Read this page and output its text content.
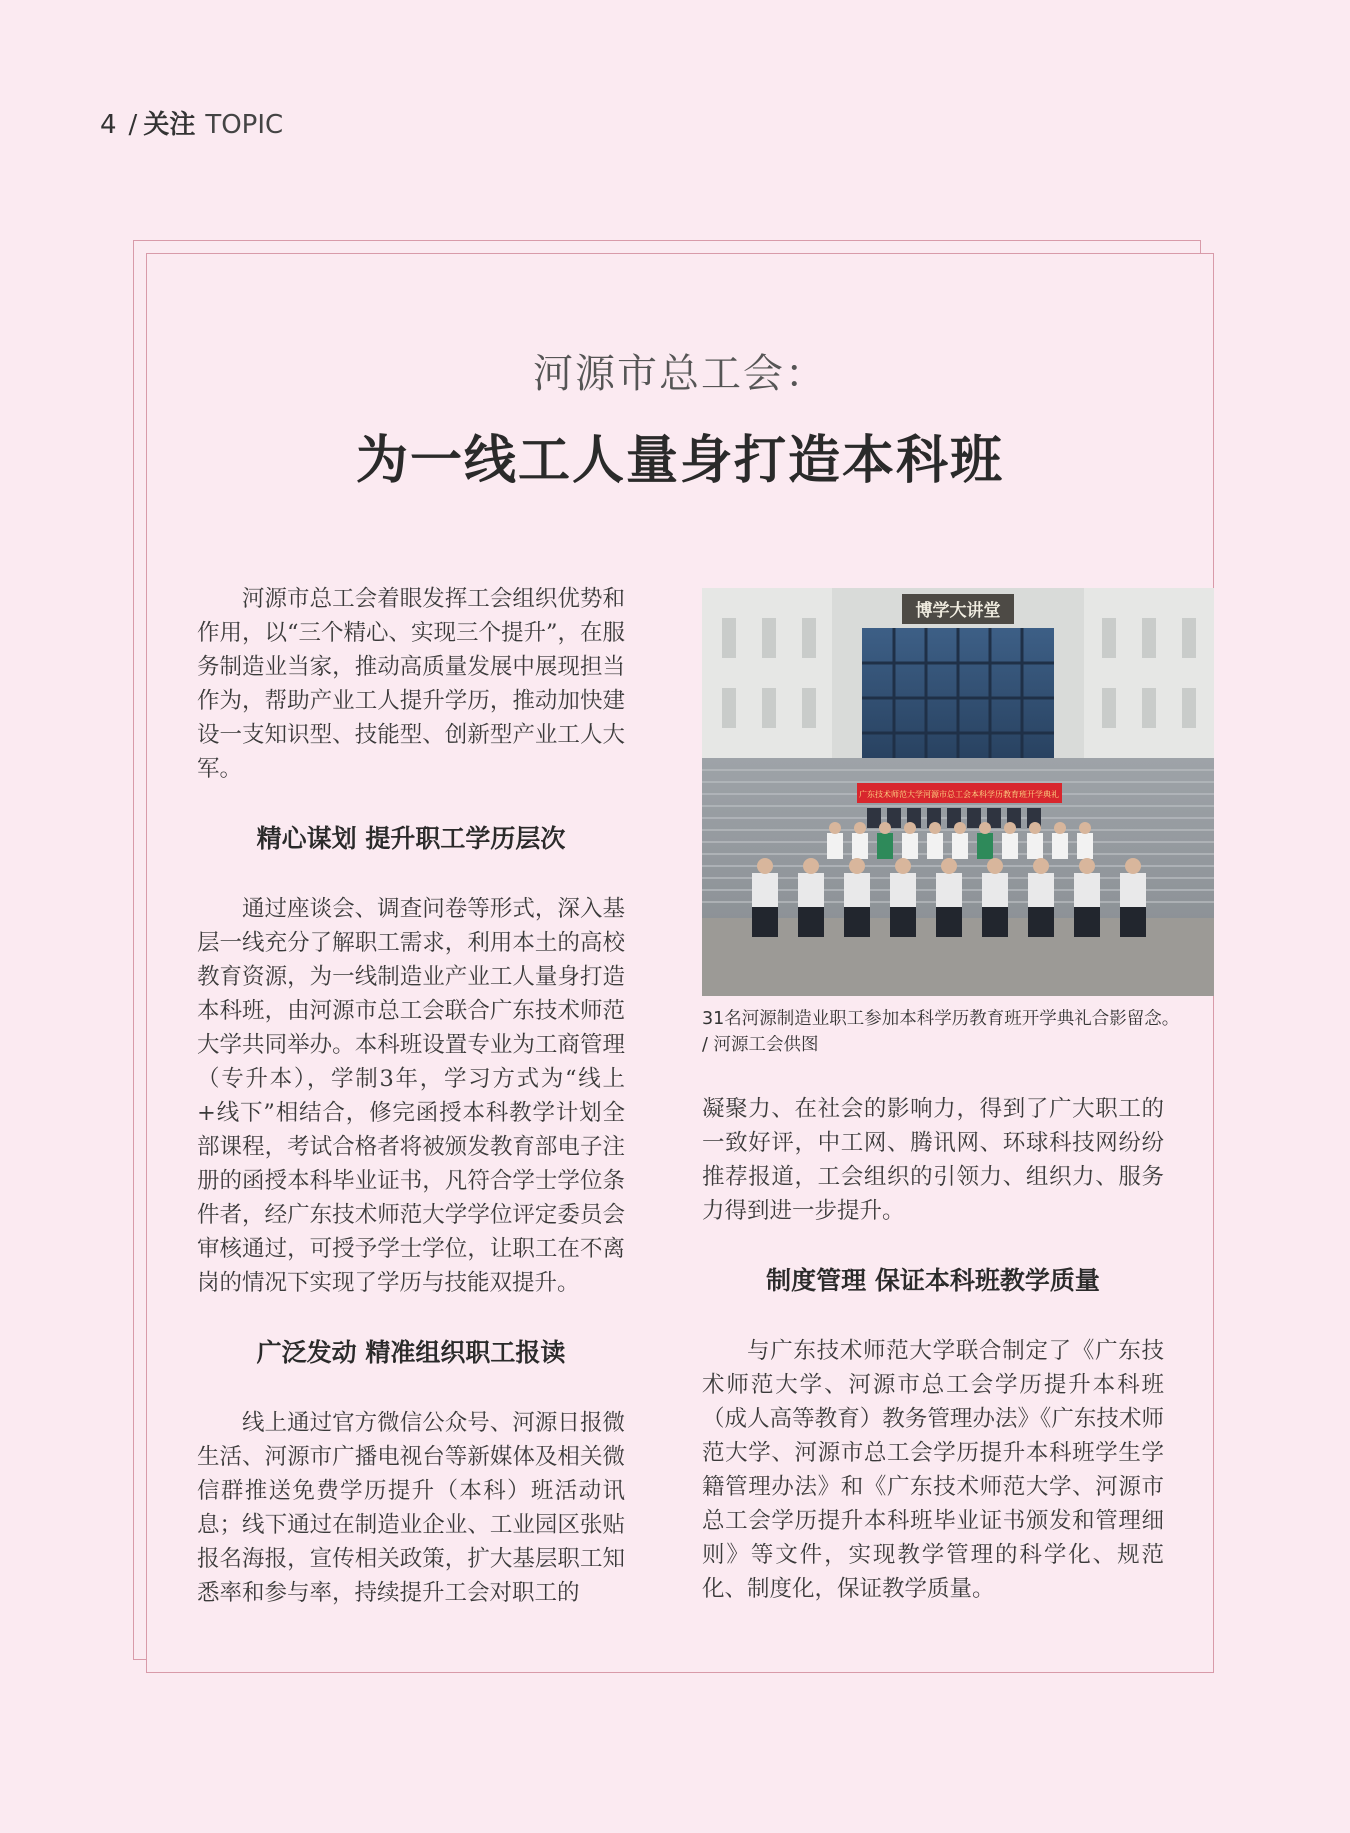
4 / 关注 TOPIC
河源市总工会：
为一线工人量身打造本科班

河源市总工会着眼发挥工会组织优势和作用，以“三个精心、实现三个提升”，在服务制造业当家，推动高质量发展中展现担当作为，帮助产业工人提升学历，推动加快建设一支知识型、技能型、创新型产业工人大军。

精心谋划 提升职工学历层次

通过座谈会、调查问卷等形式，深入基层一线充分了解职工需求，利用本土的高校教育资源，为一线制造业产业工人量身打造本科班，由河源市总工会联合广东技术师范大学共同举办。本科班设置专业为工商管理（专升本），学制3年，学习方式为“线上+线下”相结合，修完函授本科教学计划全部课程，考试合格者将被颁发教育部电子注册的函授本科毕业证书，凡符合学士学位条件者，经广东技术师范大学学位评定委员会审核通过，可授予学士学位，让职工在不离岗的情况下实现了学历与技能双提升。

广泛发动 精准组织职工报读

线上通过官方微信公众号、河源日报微生活、河源市广播电视台等新媒体及相关微信群推送免费学历提升（本科）班活动讯息；线下通过在制造业企业、工业园区张贴报名海报，宣传相关政策，扩大基层职工知悉率和参与率，持续提升工会对职工的

博学大讲堂
广东技术师范大学河源市总工会本科学历教育班开学典礼
31名河源制造业职工参加本科学历教育班开学典礼合影留念。
/ 河源工会供图

凝聚力、在社会的影响力，得到了广大职工的一致好评，中工网、腾讯网、环球科技网纷纷推荐报道，工会组织的引领力、组织力、服务力得到进一步提升。

制度管理 保证本科班教学质量

与广东技术师范大学联合制定了《广东技术师范大学、河源市总工会学历提升本科班（成人高等教育）教务管理办法》《广东技术师范大学、河源市总工会学历提升本科班学生学籍管理办法》和《广东技术师范大学、河源市总工会学历提升本科班毕业证书颁发和管理细则》等文件，实现教学管理的科学化、规范化、制度化，保证教学质量。
